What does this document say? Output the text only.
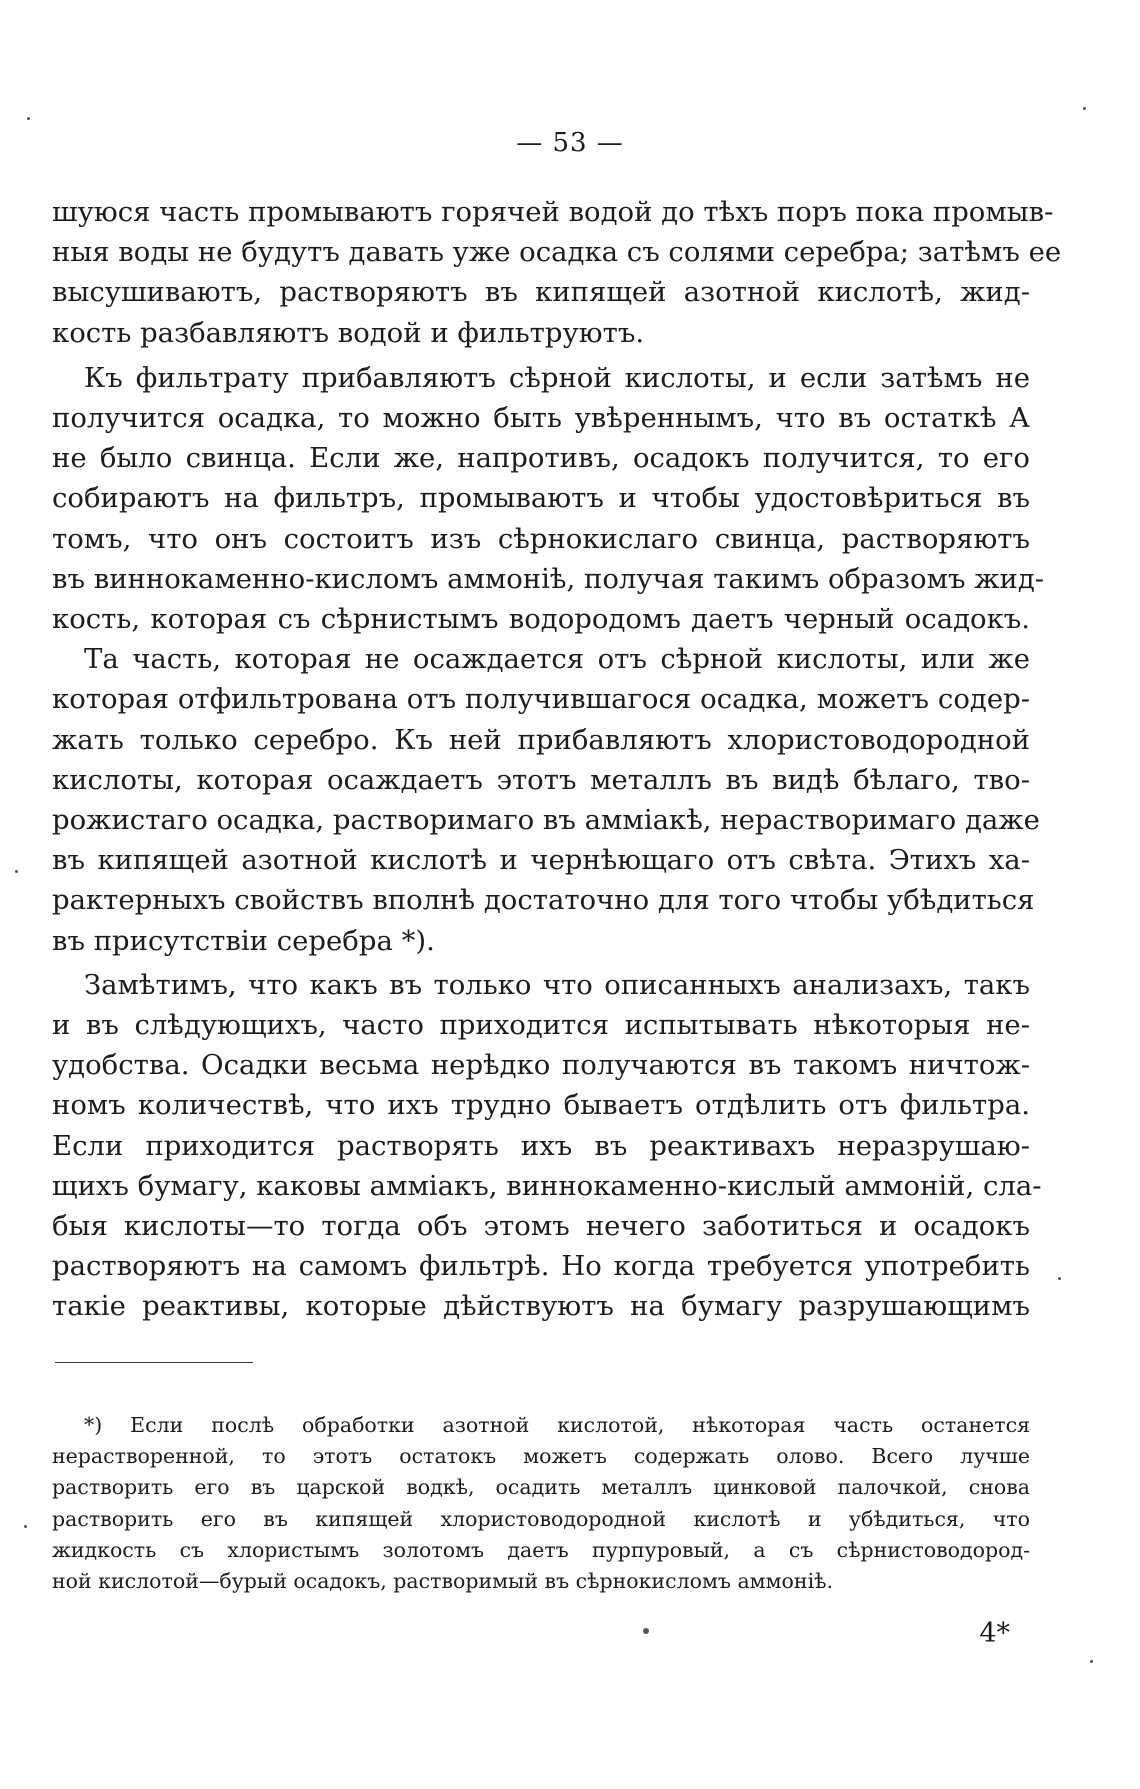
— 53 —

шуюся часть промываютъ горячей водой до тѣхъ поръ пока промыв-
ныя воды не будутъ давать уже осадка съ солями серебра; затѣмъ ее
высушиваютъ, растворяютъ въ кипящей азотной кислотѣ, жид-
кость разбавляютъ водой и фильтруютъ.

Къ фильтрату прибавляютъ сѣрной кислоты, и если затѣмъ не
получится осадка, то можно быть увѣреннымъ, что въ остаткѣ А
не было свинца. Если же, напротивъ, осадокъ получится, то его
собираютъ на фильтръ, промываютъ и чтобы удостовѣриться въ
томъ, что онъ состоитъ изъ сѣрнокислаго свинца, растворяютъ
въ виннокаменно-кисломъ аммоніѣ, получая такимъ образомъ жид-
кость, которая съ сѣрнистымъ водородомъ даетъ черный осадокъ.

Та часть, которая не осаждается отъ сѣрной кислоты, или же
которая отфильтрована отъ получившагося осадка, можетъ содер-
жать только серебро. Къ ней прибавляютъ хлористоводородной
кислоты, которая осаждаетъ этотъ металлъ въ видѣ бѣлаго, тво-
рожистаго осадка, растворимаго въ амміакѣ, нерастворимаго даже
въ кипящей азотной кислотѣ и чернѣющаго отъ свѣта. Этихъ ха-
рактерныхъ свойствъ вполнѣ достаточно для того чтобы убѣдиться
въ присутствіи серебра *).

Замѣтимъ, что какъ въ только что описанныхъ анализахъ, такъ
и въ слѣдующихъ, часто приходится испытывать нѣкоторыя не-
удобства. Осадки весьма нерѣдко получаются въ такомъ ничтож-
номъ количествѣ, что ихъ трудно бываетъ отдѣлить отъ фильтра.
Если приходится растворять ихъ въ реактивахъ неразрушаю-
щихъ бумагу, каковы амміакъ, виннокаменно-кислый аммоній, сла-
быя кислоты—то тогда объ этомъ нечего заботиться и осадокъ
растворяютъ на самомъ фильтрѣ. Но когда требуется употребить
такіе реактивы, которые дѣйствуютъ на бумагу разрушающимъ

*) Если послѣ обработки азотной кислотой, нѣкоторая часть останется
нерастворенной, то этотъ остатокъ можетъ содержать олово. Всего лучше
растворить его въ царской водкѣ, осадить металлъ цинковой палочкой, снова
растворить его въ кипящей хлористоводородной кислотѣ и убѣдиться, что
жидкость съ хлористымъ золотомъ даетъ пурпуровый, а съ сѣрнистоводород-
ной кислотой—бурый осадокъ, растворимый въ сѣрнокисломъ аммоніѣ.
4*
